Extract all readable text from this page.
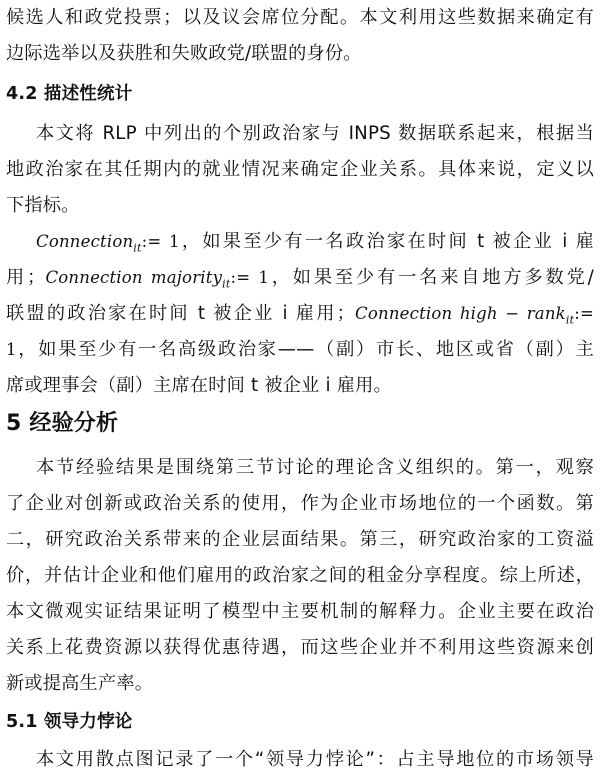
候选人和政党投票；以及议会席位分配。本文利用这些数据来确定有
边际选举以及获胜和失败政党/联盟的身份。
4.2 描述性统计
本文将 RLP 中列出的个别政治家与 INPS 数据联系起来，根据当
地政治家在其任期内的就业情况来确定企业关系。具体来说，定义以
下指标。
Connection$_{it}$:= 1，如果至少有一名政治家在时间 t 被企业 i 雇
用；Connection majority$_{it}$:= 1，如果至少有一名来自地方多数党/
联盟的政治家在时间 t 被企业 i 雇用；Connection high − rank$_{it}$:=
1，如果至少有一名高级政治家——（副）市长、地区或省（副）主
席或理事会（副）主席在时间 t 被企业 i 雇用。
5 经验分析
本节经验结果是围绕第三节讨论的理论含义组织的。第一，观察
了企业对创新或政治关系的使用，作为企业市场地位的一个函数。第
二，研究政治关系带来的企业层面结果。第三，研究政治家的工资溢
价，并估计企业和他们雇用的政治家之间的租金分享程度。综上所述，
本文微观实证结果证明了模型中主要机制的解释力。企业主要在政治
关系上花费资源以获得优惠待遇，而这些企业并不利用这些资源来创
新或提高生产率。
5.1 领导力悖论
本文用散点图记录了一个“领导力悖论”：占主导地位的市场领导
